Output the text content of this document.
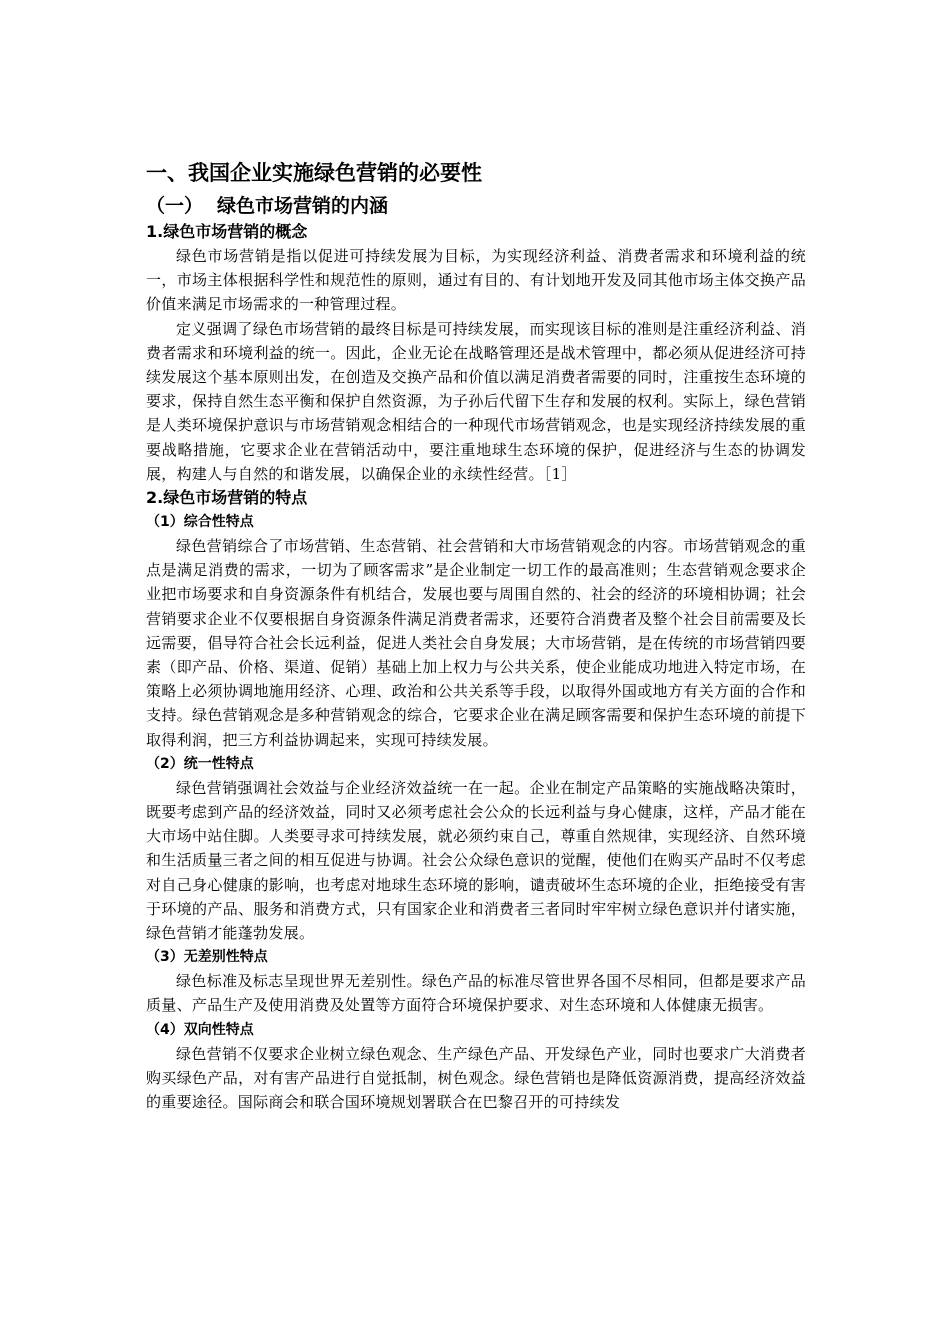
一、我国企业实施绿色营销的必要性
（一） 绿色市场营销的内涵
1.绿色市场营销的概念

绿色市场营销是指以促进可持续发展为目标，为实现经济利益、消费者需求和环境利益的统一，市场主体根据科学性和规范性的原则，通过有目的、有计划地开发及同其他市场主体交换产品价值来满足市场需求的一种管理过程。

定义强调了绿色市场营销的最终目标是可持续发展，而实现该目标的准则是注重经济利益、消费者需求和环境利益的统一。因此，企业无论在战略管理还是战术管理中，都必须从促进经济可持续发展这个基本原则出发，在创造及交换产品和价值以满足消费者需要的同时，注重按生态环境的要求，保持自然生态平衡和保护自然资源，为子孙后代留下生存和发展的权利。实际上，绿色营销是人类环境保护意识与市场营销观念相结合的一种现代市场营销观念，也是实现经济持续发展的重要战略措施，它要求企业在营销活动中，要注重地球生态环境的保护，促进经济与生态的协调发展，构建人与自然的和谐发展，以确保企业的永续性经营。［1］

2.绿色市场营销的特点
（1）综合性特点

绿色营销综合了市场营销、生态营销、社会营销和大市场营销观念的内容。市场营销观念的重点是满足消费的需求，一切为了顾客需求”是企业制定一切工作的最高准则；生态营销观念要求企业把市场要求和自身资源条件有机结合，发展也要与周围自然的、社会的经济的环境相协调；社会营销要求企业不仅要根据自身资源条件满足消费者需求，还要符合消费者及整个社会目前需要及长远需要，倡导符合社会长远利益，促进人类社会自身发展；大市场营销，是在传统的市场营销四要素（即产品、价格、渠道、促销）基础上加上权力与公共关系，使企业能成功地进入特定市场，在策略上必须协调地施用经济、心理、政治和公共关系等手段，以取得外国或地方有关方面的合作和支持。绿色营销观念是多种营销观念的综合，它要求企业在满足顾客需要和保护生态环境的前提下取得利润，把三方利益协调起来，实现可持续发展。

（2）统一性特点

绿色营销强调社会效益与企业经济效益统一在一起。企业在制定产品策略的实施战略决策时，既要考虑到产品的经济效益，同时又必须考虑社会公众的长远利益与身心健康，这样，产品才能在大市场中站住脚。人类要寻求可持续发展，就必须约束自己，尊重自然规律，实现经济、自然环境和生活质量三者之间的相互促进与协调。社会公众绿色意识的觉醒，使他们在购买产品时不仅考虑对自己身心健康的影响，也考虑对地球生态环境的影响，谴责破坏生态环境的企业，拒绝接受有害于环境的产品、服务和消费方式，只有国家企业和消费者三者同时牢牢树立绿色意识并付诸实施，绿色营销才能蓬勃发展。

（3）无差别性特点

绿色标准及标志呈现世界无差别性。绿色产品的标准尽管世界各国不尽相同，但都是要求产品质量、产品生产及使用消费及处置等方面符合环境保护要求、对生态环境和人体健康无损害。

（4）双向性特点

绿色营销不仅要求企业树立绿色观念、生产绿色产品、开发绿色产业，同时也要求广大消费者购买绿色产品，对有害产品进行自觉抵制，树色观念。绿色营销也是降低资源消费，提高经济效益的重要途径。国际商会和联合国环境规划署联合在巴黎召开的可持续发
